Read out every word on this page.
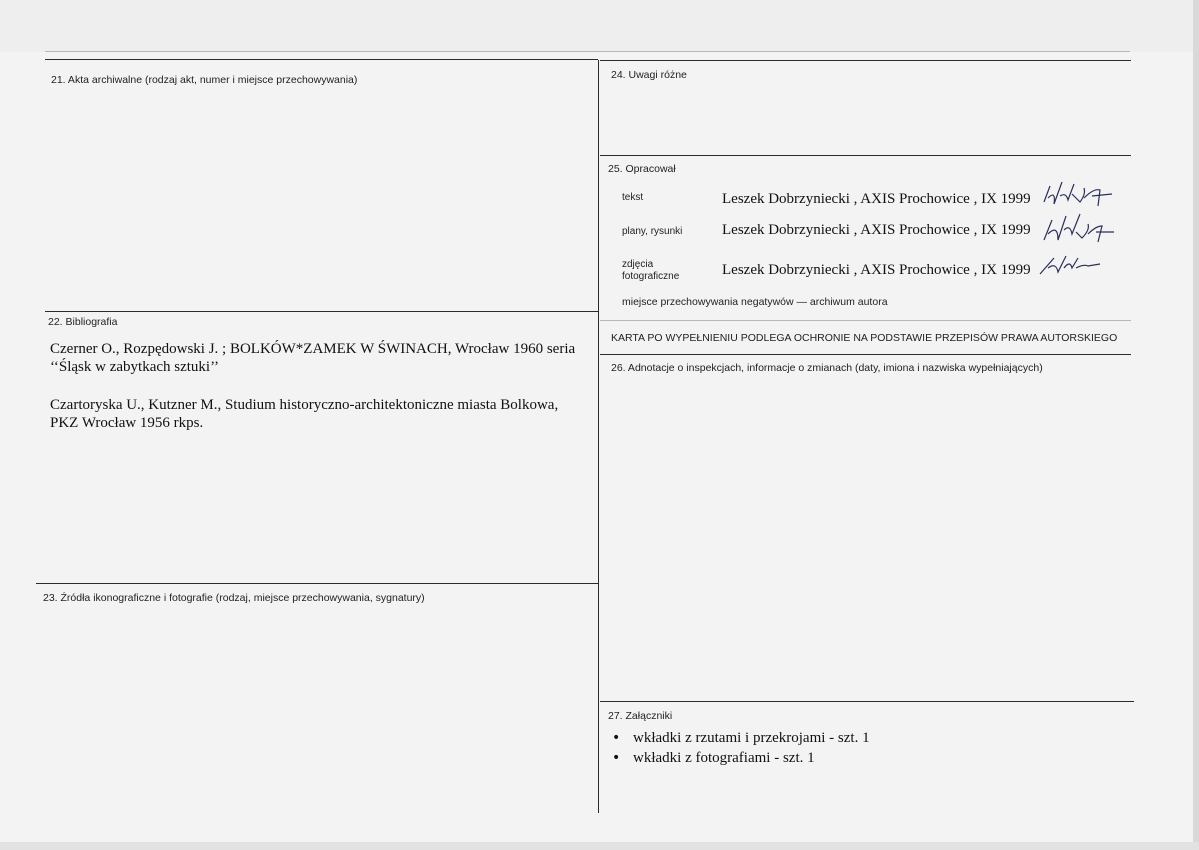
21. Akta archiwalne (rodzaj akt, numer i miejsce przechowywania)
22. Bibliografia
Czerner O., Rozpędowski J. ; BOLKÓW*ZAMEK W ŚWINACH, Wrocław 1960 seria
‘‘Śląsk w zabytkach sztuki’’
Czartoryska U., Kutzner M., Studium historyczno-architektoniczne miasta Bolkowa,
PKZ Wrocław 1956 rkps.
23. Źródła ikonograficzne i fotografie (rodzaj, miejsce przechowywania, sygnatury)
24. Uwagi różne
25. Opracował
tekst	Leszek Dobrzyniecki , AXIS Prochowice , IX 1999
plany, rysunki	Leszek Dobrzyniecki , AXIS Prochowice , IX 1999
zdjęcia
fotograficzne	Leszek Dobrzyniecki , AXIS Prochowice , IX 1999
miejsce przechowywania negatywów — archiwum autora
KARTA PO WYPEŁNIENIU PODLEGA OCHRONIE NA PODSTAWIE PRZEPISÓW PRAWA AUTORSKIEGO
26. Adnotacje o inspekcjach, informacje o zmianach (daty, imiona i nazwiska wypełniających)
27. Załączniki
• wkładki z rzutami i przekrojami - szt. 1
• wkładki z fotografiami - szt. 1
